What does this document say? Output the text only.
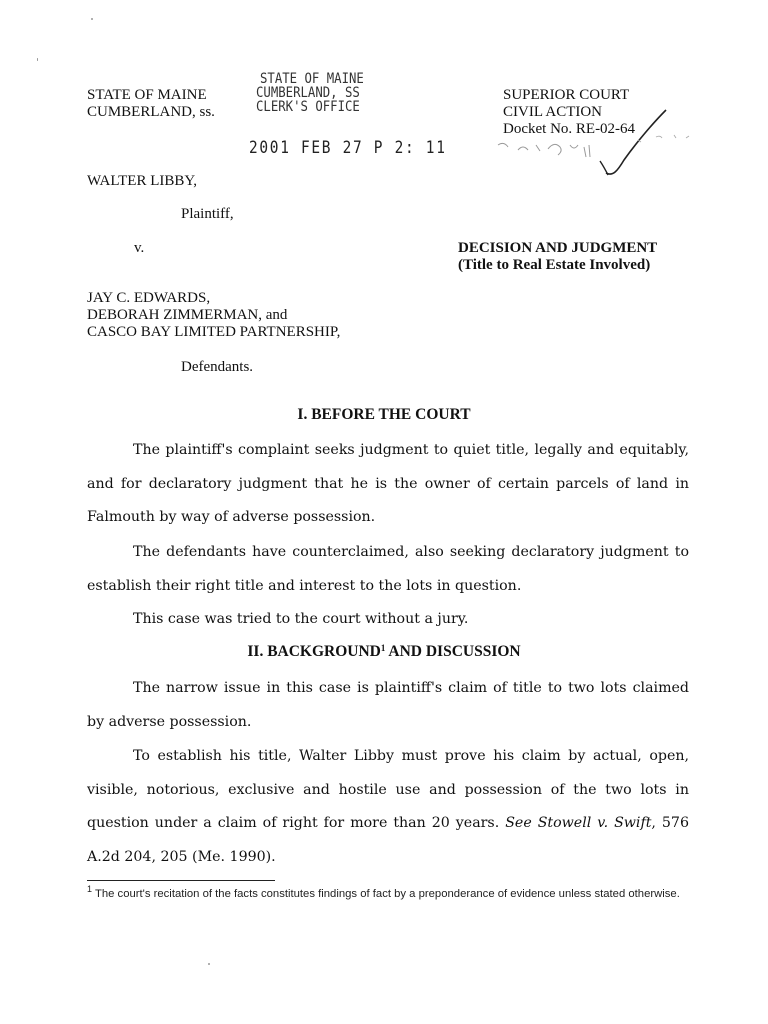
STATE OF MAINE
CUMBERLAND, ss.
STATE OF MAINE
CUMBERLAND, SS
CLERK'S OFFICE
2001 FEB 27 P 2: 11
SUPERIOR COURT
CIVIL ACTION
Docket No. RE-02-64
WALTER LIBBY,
Plaintiff,
v.	DECISION AND JUDGMENT
(Title to Real Estate Involved)
JAY C. EDWARDS,
DEBORAH ZIMMERMAN, and
CASCO BAY LIMITED PARTNERSHIP,
Defendants.
I. BEFORE THE COURT
The plaintiff's complaint seeks judgment to quiet title, legally and equitably, and for declaratory judgment that he is the owner of certain parcels of land in Falmouth by way of adverse possession.
The defendants have counterclaimed, also seeking declaratory judgment to establish their right title and interest to the lots in question.
This case was tried to the court without a jury.
II. BACKGROUND$^1$ AND DISCUSSION
The narrow issue in this case is plaintiff's claim of title to two lots claimed by adverse possession.
To establish his title, Walter Libby must prove his claim by actual, open, visible, notorious, exclusive and hostile use and possession of the two lots in question under a claim of right for more than 20 years. See Stowell v. Swift, 576 A.2d 204, 205 (Me. 1990).
$^1$ The court's recitation of the facts constitutes findings of fact by a preponderance of evidence unless stated otherwise.
